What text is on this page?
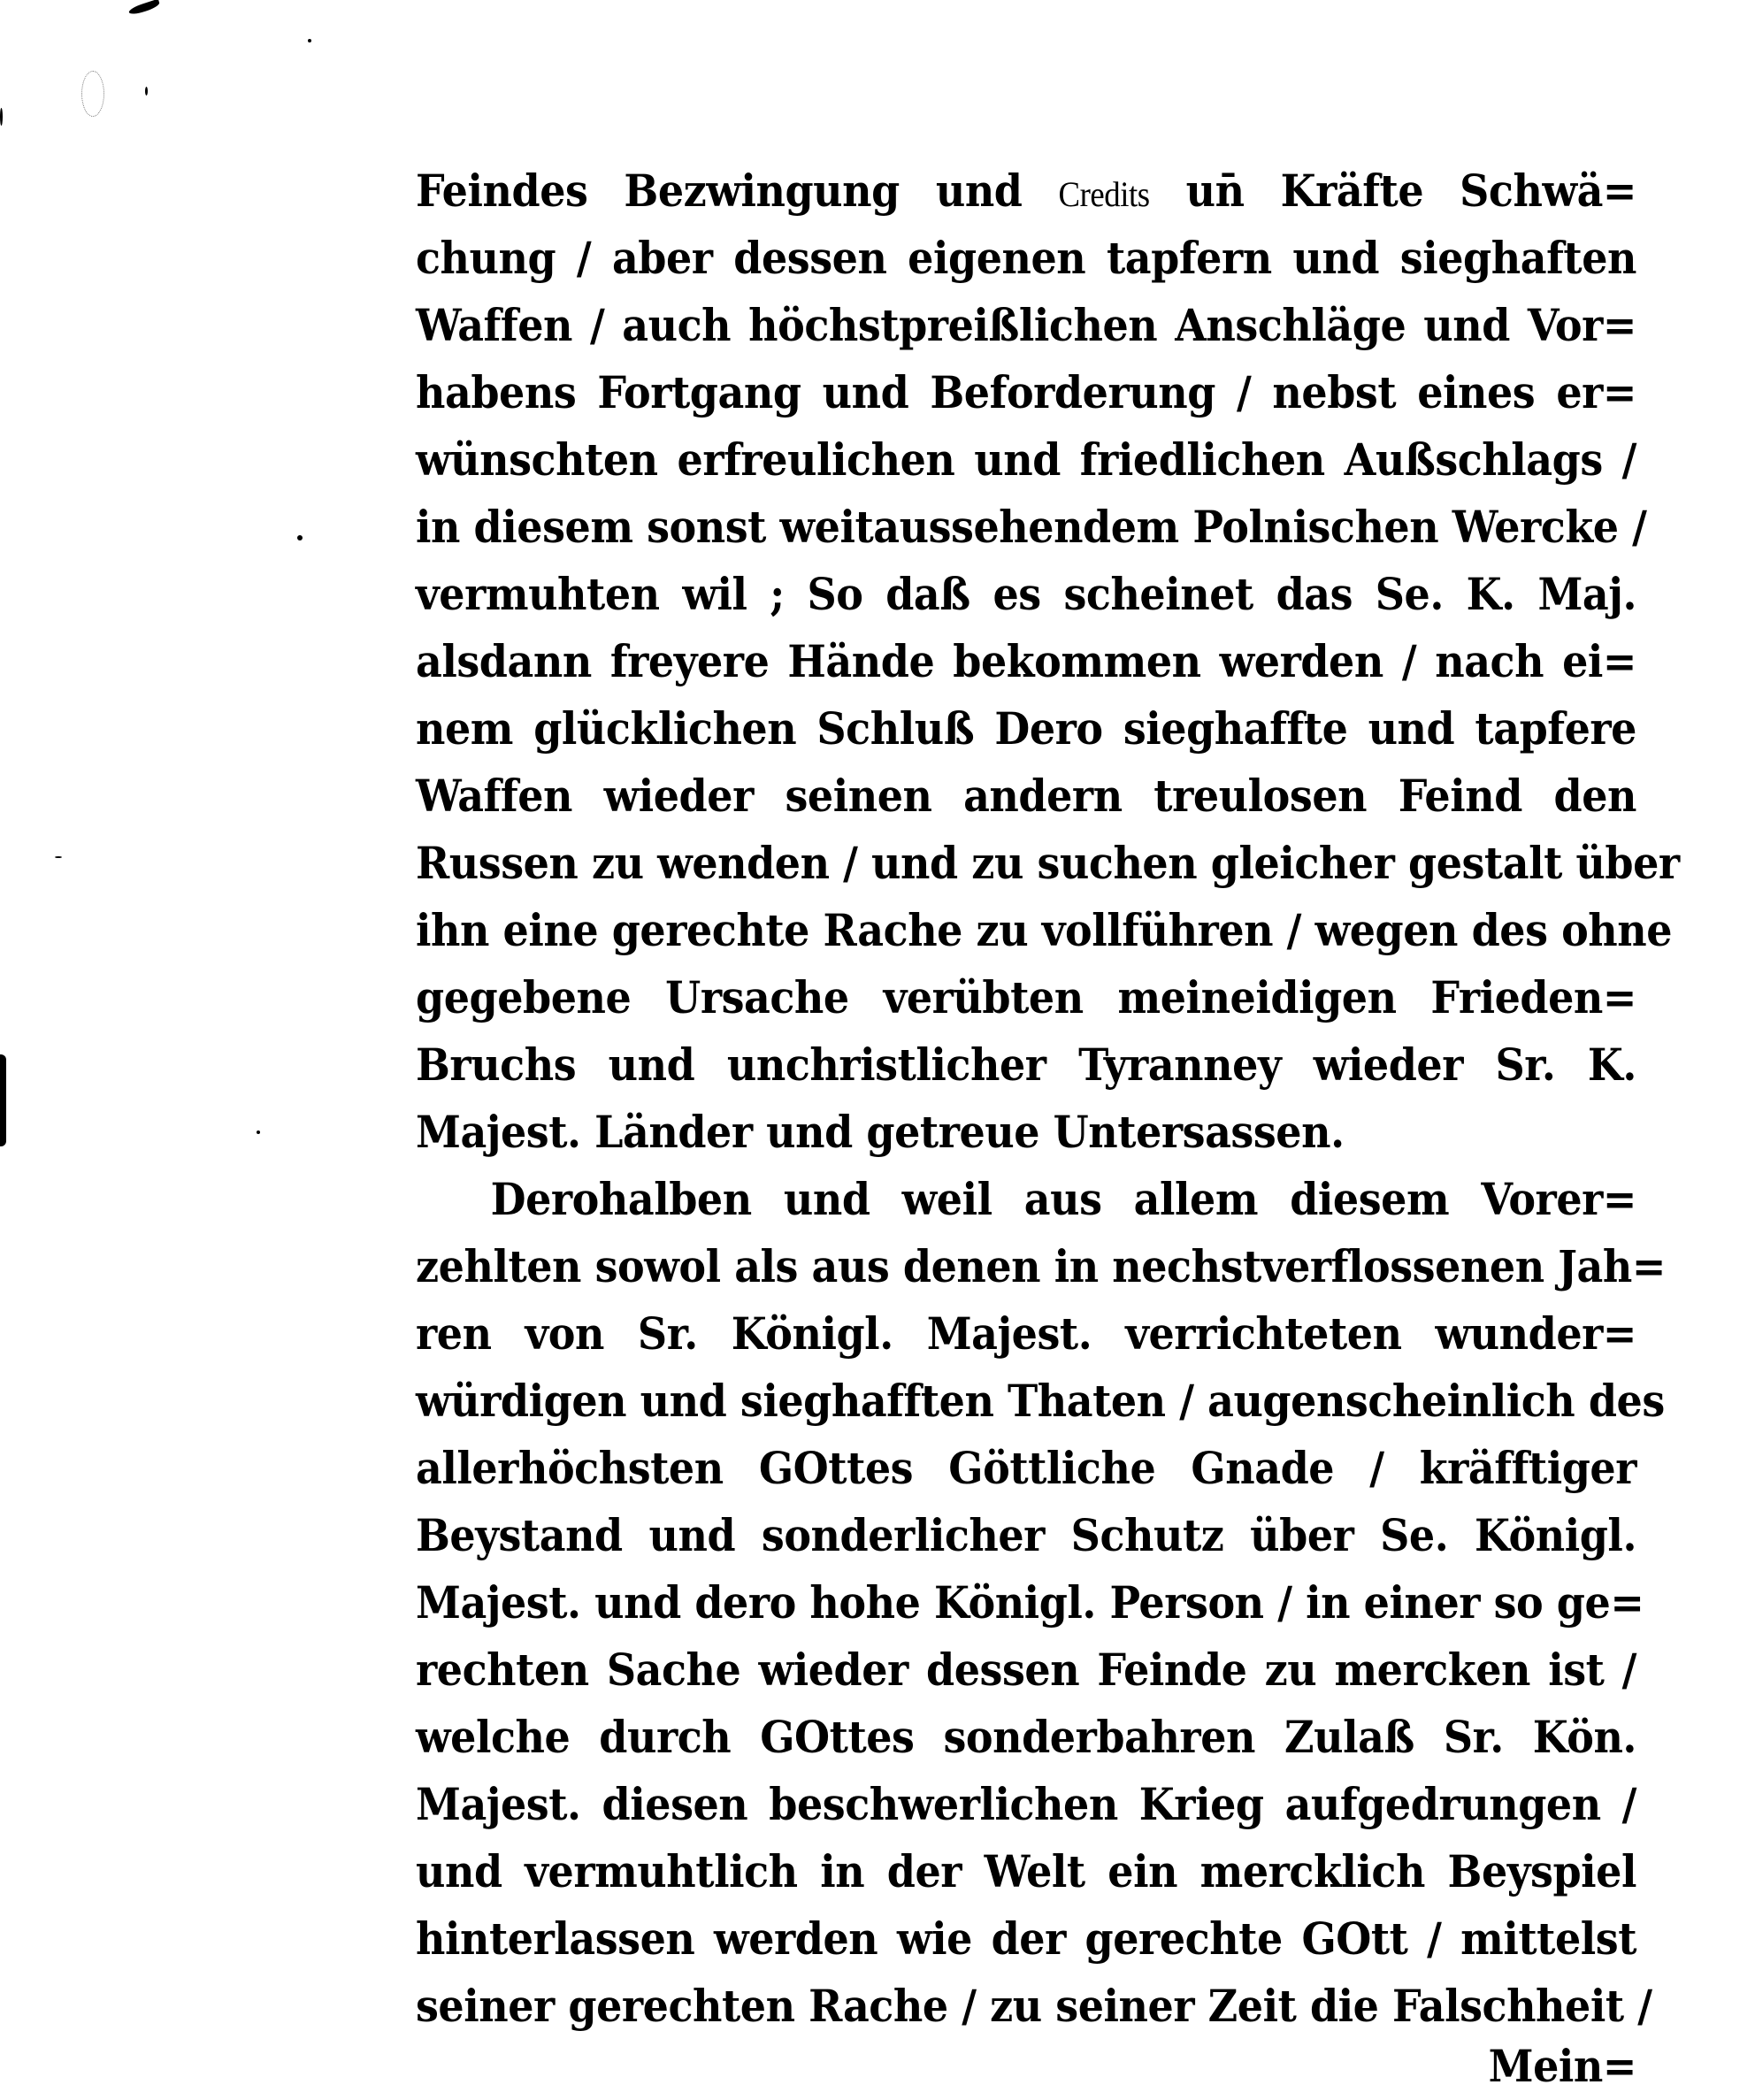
Feindes Bezwingung und Credits un̄ Kräfte Schwä=
chung / aber dessen eigenen tapfern und sieghaften
Waffen / auch höchstpreißlichen Anschläge und Vor=
habens Fortgang und Beforderung / nebst eines er=
wünschten erfreulichen und friedlichen Außschlags /
in diesem sonst weitaussehendem Polnischen Wercke /
vermuhten wil ; So daß es scheinet das Se. K. Maj.
alsdann freyere Hände bekommen werden / nach ei=
nem glücklichen Schluß Dero sieghaffte und tapfere
Waffen wieder seinen andern treulosen Feind den
Russen zu wenden / und zu suchen gleicher gestalt über
ihn eine gerechte Rache zu vollführen / wegen des ohne
gegebene Ursache verübten meineidigen Frieden=
Bruchs und unchristlicher Tyranney wieder Sr. K.
Majest. Länder und getreue Untersassen.
Derohalben und weil aus allem diesem Vorer=
zehlten sowol als aus denen in nechstverflossenen Jah=
ren von Sr. Königl. Majest. verrichteten wunder=
würdigen und sieghafften Thaten / augenscheinlich des
allerhöchsten GOttes Göttliche Gnade / kräfftiger
Beystand und sonderlicher Schutz über Se. Königl.
Majest. und dero hohe Königl. Person / in einer so ge=
rechten Sache wieder dessen Feinde zu mercken ist /
welche durch GOttes sonderbahren Zulaß Sr. Kön.
Majest. diesen beschwerlichen Krieg aufgedrungen /
und vermuhtlich in der Welt ein mercklich Beyspiel
hinterlassen werden wie der gerechte GOtt / mittelst
seiner gerechten Rache / zu seiner Zeit die Falschheit /
Mein=
